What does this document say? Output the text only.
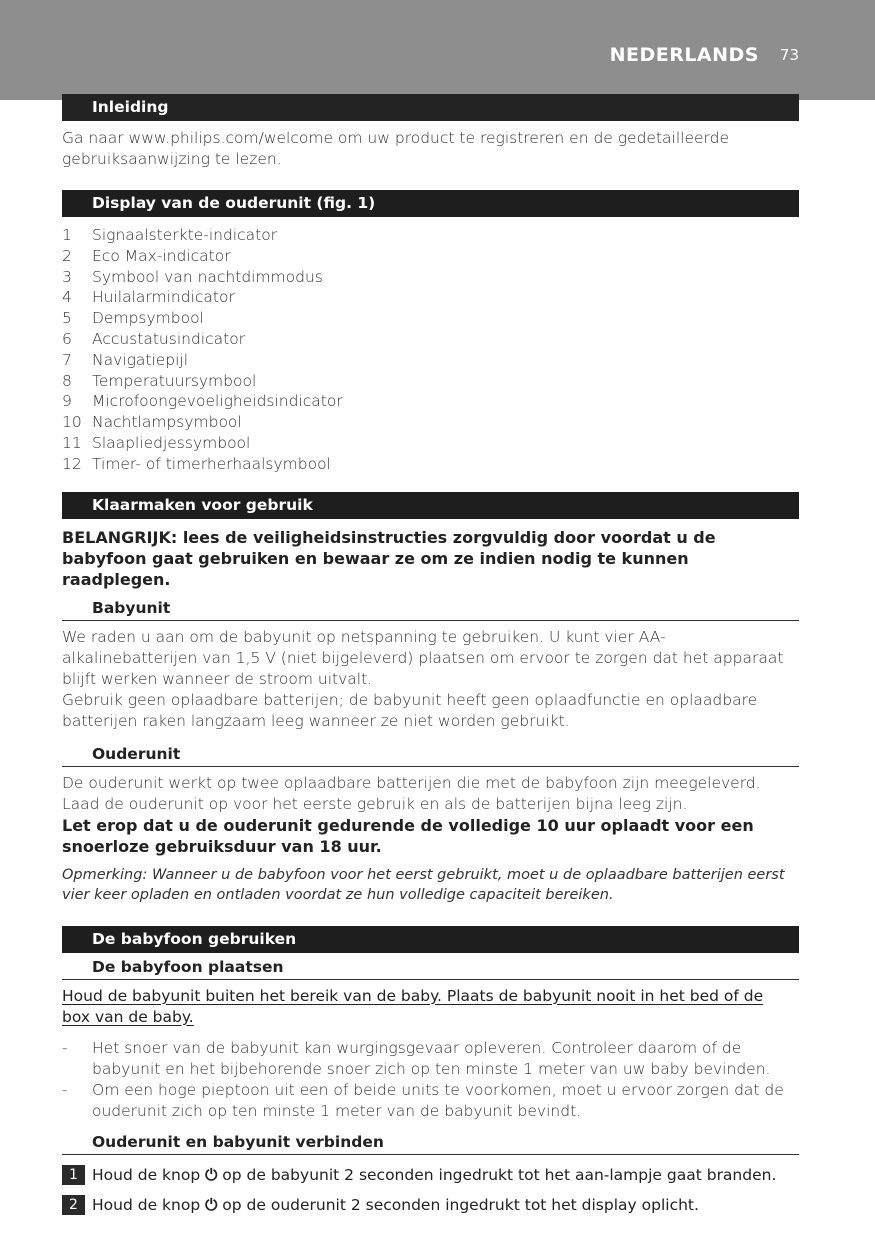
NEDERLANDS 73
Inleiding

Ga naar www.philips.com/welcome om uw product te registreren en de gedetailleerde gebruiksaanwijzing te lezen.

Display van de ouderunit (fig. 1)
1	Signaalsterkte-indicator
2	Eco Max-indicator
3	Symbool van nachtdimmodus
4	Huilalarmindicator
5	Dempsymbool
6	Accustatusindicator
7	Navigatiepijl
8	Temperatuursymbool
9	Microfoongevoeligheidsindicator
10 Nachtlampsymbool
11 Slaapliedjessymbool
12 Timer- of timerherhaalsymbool
Klaarmaken voor gebruik
BELANGRIJK: lees de veiligheidsinstructies zorgvuldig door voordat u de babyfoon gaat gebruiken en bewaar ze om ze indien nodig te kunnen raadplegen.
Babyunit

We raden u aan om de babyunit op netspanning te gebruiken. U kunt vier AA-alkalinebatterijen van 1,5 V (niet bijgeleverd) plaatsen om ervoor te zorgen dat het apparaat blijft werken wanneer de stroom uitvalt.

Gebruik geen oplaadbare batterijen; de babyunit heeft geen oplaadfunctie en oplaadbare batterijen raken langzaam leeg wanneer ze niet worden gebruikt.

Ouderunit

De ouderunit werkt op twee oplaadbare batterijen die met de babyfoon zijn meegeleverd. Laad de ouderunit op voor het eerste gebruik en als de batterijen bijna leeg zijn.

Let erop dat u de ouderunit gedurende de volledige 10 uur oplaadt voor een snoerloze gebruiksduur van 18 uur.

Opmerking: Wanneer u de babyfoon voor het eerst gebruikt, moet u de oplaadbare batterijen eerst vier keer opladen en ontladen voordat ze hun volledige capaciteit bereiken.

De babyfoon gebruiken
De babyfoon plaatsen
Houd de babyunit buiten het bereik van de baby. Plaats de babyunit nooit in het bed of de box van de baby.
-	Het snoer van de babyunit kan wurgingsgevaar opleveren. Controleer daarom of de babyunit en het bijbehorende snoer zich op ten minste 1 meter van uw baby bevinden.
-	Om een hoge pieptoon uit een of beide units te voorkomen, moet u ervoor zorgen dat de ouderunit zich op ten minste 1 meter van de babyunit bevindt.
Ouderunit en babyunit verbinden
1 Houd de knop
⏻
op de babyunit 2 seconden ingedrukt tot het aan-lampje gaat branden.
2 Houd de knop
⏻
op de ouderunit 2 seconden ingedrukt tot het display oplicht.
